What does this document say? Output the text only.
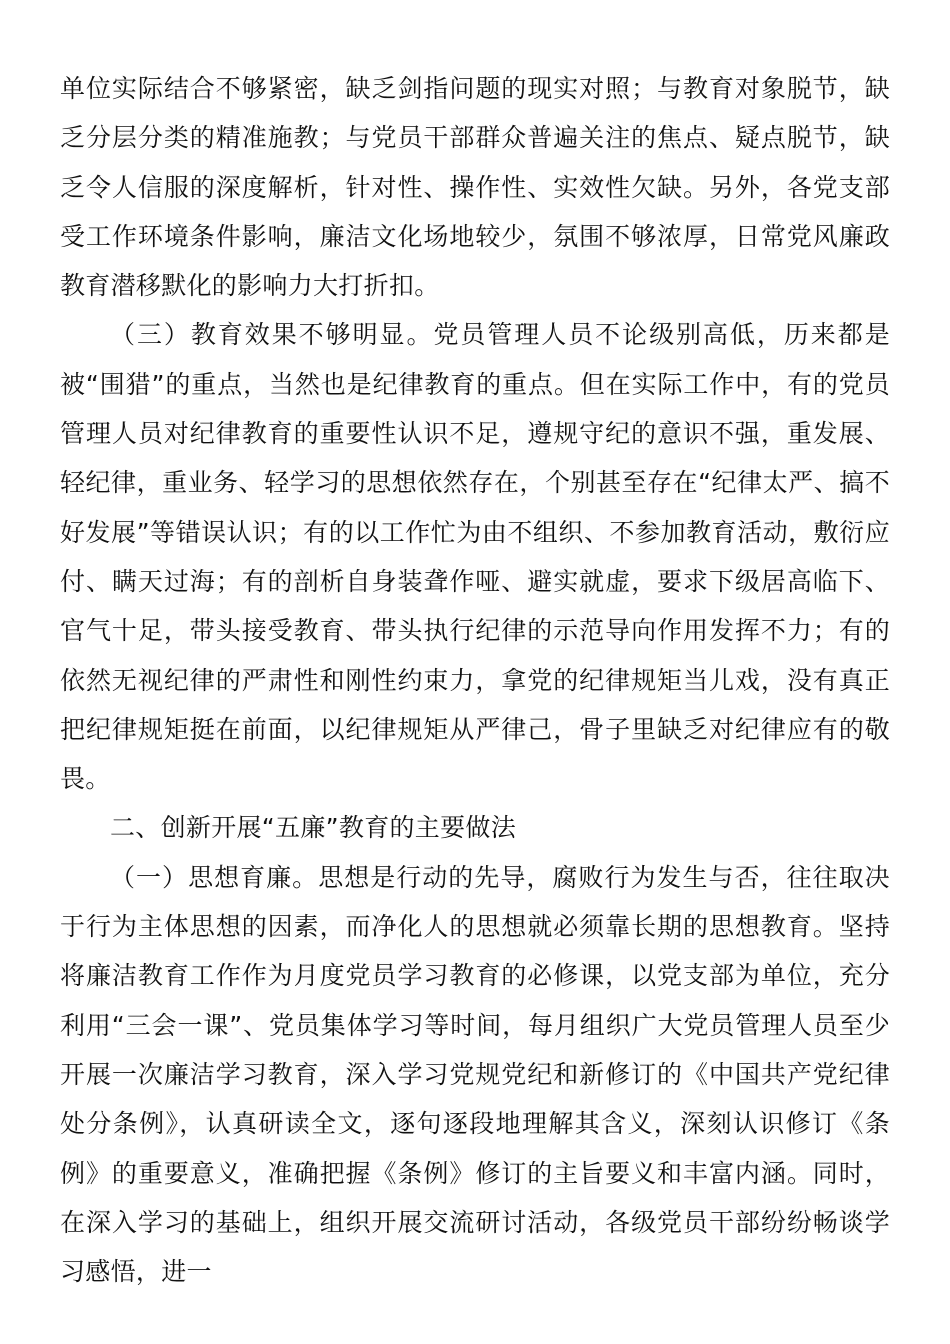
单位实际结合不够紧密，缺乏剑指问题的现实对照；与教育对象脱节，缺乏分层分类的精准施教；与党员干部群众普遍关注的焦点、疑点脱节，缺乏令人信服的深度解析，针对性、操作性、实效性欠缺。另外，各党支部受工作环境条件影响，廉洁文化场地较少，氛围不够浓厚，日常党风廉政教育潜移默化的影响力大打折扣。

（三）教育效果不够明显。党员管理人员不论级别高低，历来都是被“围猎”的重点，当然也是纪律教育的重点。但在实际工作中，有的党员管理人员对纪律教育的重要性认识不足，遵规守纪的意识不强，重发展、轻纪律，重业务、轻学习的思想依然存在，个别甚至存在“纪律太严、搞不好发展”等错误认识；有的以工作忙为由不组织、不参加教育活动，敷衍应付、瞒天过海；有的剖析自身装聋作哑、避实就虚，要求下级居高临下、官气十足，带头接受教育、带头执行纪律的示范导向作用发挥不力；有的依然无视纪律的严肃性和刚性约束力，拿党的纪律规矩当儿戏，没有真正把纪律规矩挺在前面，以纪律规矩从严律己，骨子里缺乏对纪律应有的敬畏。

二、创新开展“五廉”教育的主要做法

（一）思想育廉。思想是行动的先导，腐败行为发生与否，往往取决于行为主体思想的因素，而净化人的思想就必须靠长期的思想教育。坚持将廉洁教育工作作为月度党员学习教育的必修课，以党支部为单位，充分利用“三会一课”、党员集体学习等时间，每月组织广大党员管理人员至少开展一次廉洁学习教育，深入学习党规党纪和新修订的《中国共产党纪律处分条例》，认真研读全文，逐句逐段地理解其含义，深刻认识修订《条例》的重要意义，准确把握《条例》修订的主旨要义和丰富内涵。同时，在深入学习的基础上，组织开展交流研讨活动，各级党员干部纷纷畅谈学习感悟，进一
